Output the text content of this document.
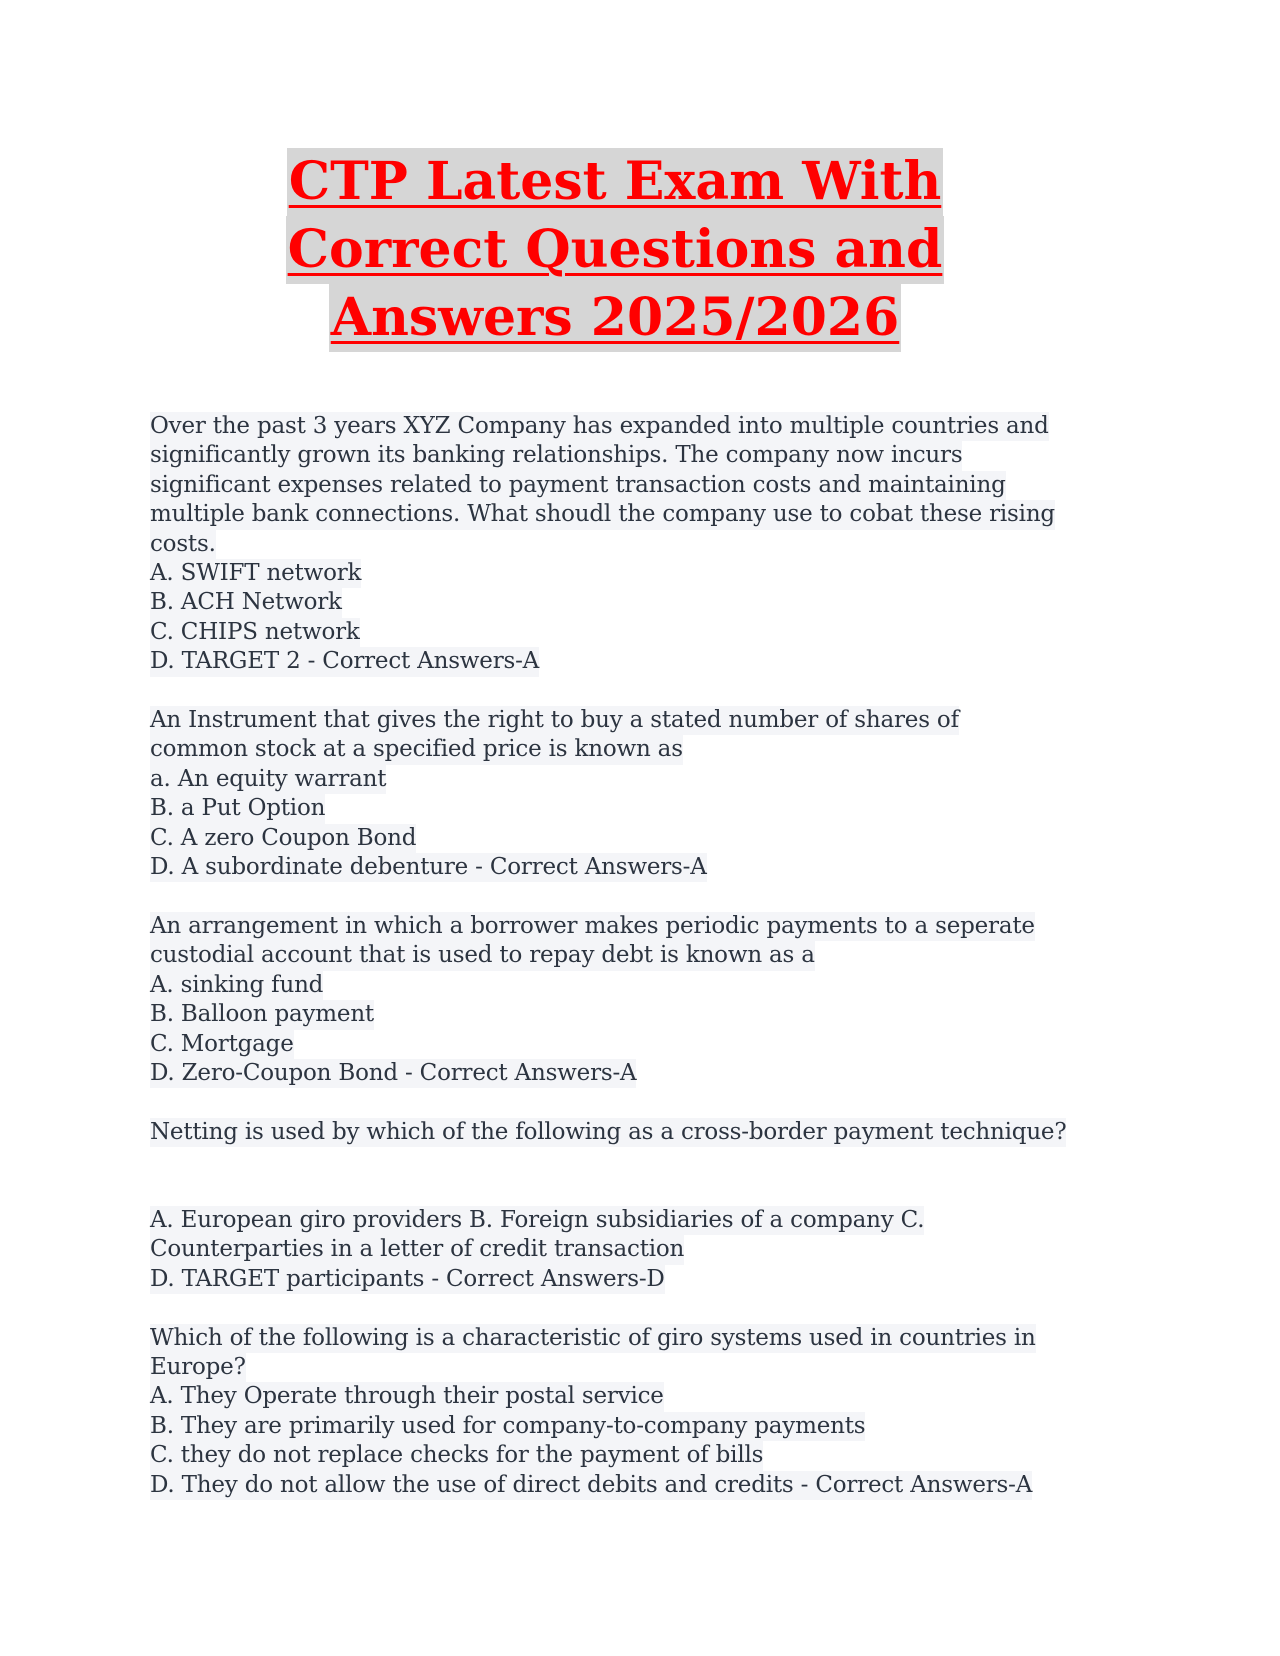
CTP Latest Exam With
Correct Questions and
Answers 2025/2026
Over the past 3 years XYZ Company has expanded into multiple countries and
significantly grown its banking relationships. The company now incurs
significant expenses related to payment transaction costs and maintaining
multiple bank connections. What shoudl the company use to cobat these rising
costs.
A. SWIFT network
B. ACH Network
C. CHIPS network
D. TARGET 2 - Correct Answers-A
An Instrument that gives the right to buy a stated number of shares of
common stock at a specified price is known as
a. An equity warrant
B. a Put Option
C. A zero Coupon Bond
D. A subordinate debenture - Correct Answers-A
An arrangement in which a borrower makes periodic payments to a seperate
custodial account that is used to repay debt is known as a
A. sinking fund
B. Balloon payment
C. Mortgage
D. Zero-Coupon Bond - Correct Answers-A
Netting is used by which of the following as a cross-border payment technique?
A. European giro providers B. Foreign subsidiaries of a company C.
Counterparties in a letter of credit transaction
D. TARGET participants - Correct Answers-D
Which of the following is a characteristic of giro systems used in countries in
Europe?
A. They Operate through their postal service
B. They are primarily used for company-to-company payments
C. they do not replace checks for the payment of bills
D. They do not allow the use of direct debits and credits - Correct Answers-A
